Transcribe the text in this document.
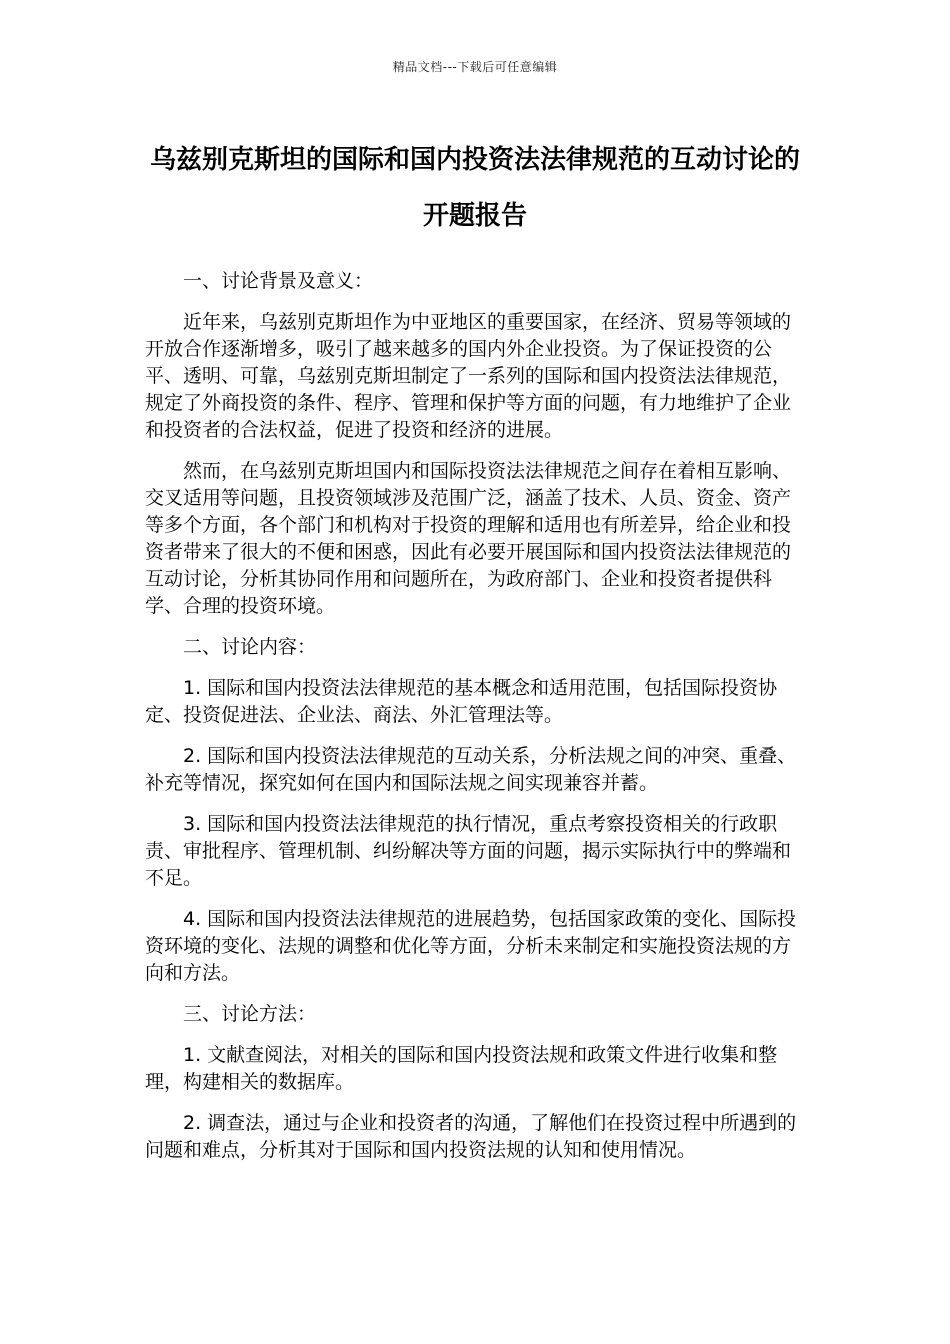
精品文档---下载后可任意编辑
乌兹别克斯坦的国际和国内投资法法律规范的互动讨论的开题报告

一、讨论背景及意义：

近年来，乌兹别克斯坦作为中亚地区的重要国家，在经济、贸易等领域的开放合作逐渐增多，吸引了越来越多的国内外企业投资。为了保证投资的公平、透明、可靠，乌兹别克斯坦制定了一系列的国际和国内投资法法律规范，规定了外商投资的条件、程序、管理和保护等方面的问题，有力地维护了企业和投资者的合法权益，促进了投资和经济的进展。

然而，在乌兹别克斯坦国内和国际投资法法律规范之间存在着相互影响、交叉适用等问题，且投资领域涉及范围广泛，涵盖了技术、人员、资金、资产等多个方面，各个部门和机构对于投资的理解和适用也有所差异，给企业和投资者带来了很大的不便和困惑，因此有必要开展国际和国内投资法法律规范的互动讨论，分析其协同作用和问题所在，为政府部门、企业和投资者提供科学、合理的投资环境。

二、讨论内容：

1. 国际和国内投资法法律规范的基本概念和适用范围，包括国际投资协定、投资促进法、企业法、商法、外汇管理法等。

2. 国际和国内投资法法律规范的互动关系，分析法规之间的冲突、重叠、补充等情况，探究如何在国内和国际法规之间实现兼容并蓄。

3. 国际和国内投资法法律规范的执行情况，重点考察投资相关的行政职责、审批程序、管理机制、纠纷解决等方面的问题，揭示实际执行中的弊端和不足。

4. 国际和国内投资法法律规范的进展趋势，包括国家政策的变化、国际投资环境的变化、法规的调整和优化等方面，分析未来制定和实施投资法规的方向和方法。

三、讨论方法：

1. 文献查阅法，对相关的国际和国内投资法规和政策文件进行收集和整理，构建相关的数据库。

2. 调查法，通过与企业和投资者的沟通，了解他们在投资过程中所遇到的问题和难点，分析其对于国际和国内投资法规的认知和使用情况。
